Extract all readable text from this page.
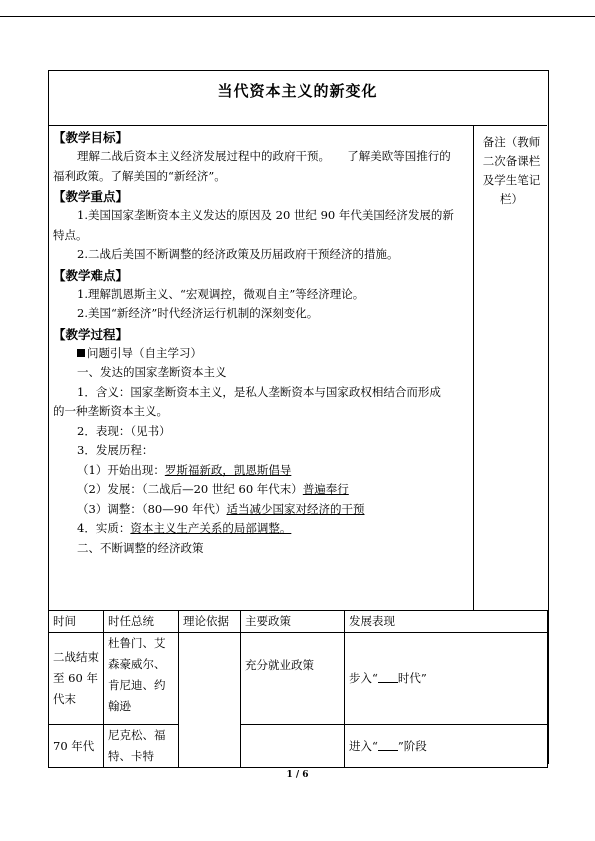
当代资本主义的新变化
备注（教师二次备课栏及学生笔记栏）
【教学目标】
理解二战后资本主义经济发展过程中的政府干预。　　了解美欧等国推行的
福利政策。了解美国的“新经济”。
【教学重点】
1.美国国家垄断资本主义发达的原因及 20 世纪 90 年代美国经济发展的新
特点。
2.二战后美国不断调整的经济政策及历届政府干预经济的措施。
【教学难点】
1.理解凯恩斯主义、“宏观调控，微观自主”等经济理论。
2.美国“新经济”时代经济运行机制的深刻变化。
【教学过程】
问题引导（自主学习）
一、发达的国家垄断资本主义
1．含义：国家垄断资本主义，是私人垄断资本与国家政权相结合而形成
的一种垄断资本主义。
2．表现：（见书）
3．发展历程：
（1）开始出现：罗斯福新政，凯恩斯倡导
（2）发展：（二战后—20 世纪 60 年代末）普遍奉行
（3）调整：（80—90 年代）适当减少国家对经济的干预
4．实质：资本主义生产关系的局部调整。
二、不断调整的经济政策
时间	时任总统	理论依据	主要政策	发展表现
二战结束至 60 年代末	杜鲁门、艾森豪威尔、肯尼迪、约翰逊		充分就业政策	步入“ 时代”
70 年代	尼克松、福特、卡特			进入“ ”阶段
1 / 6
